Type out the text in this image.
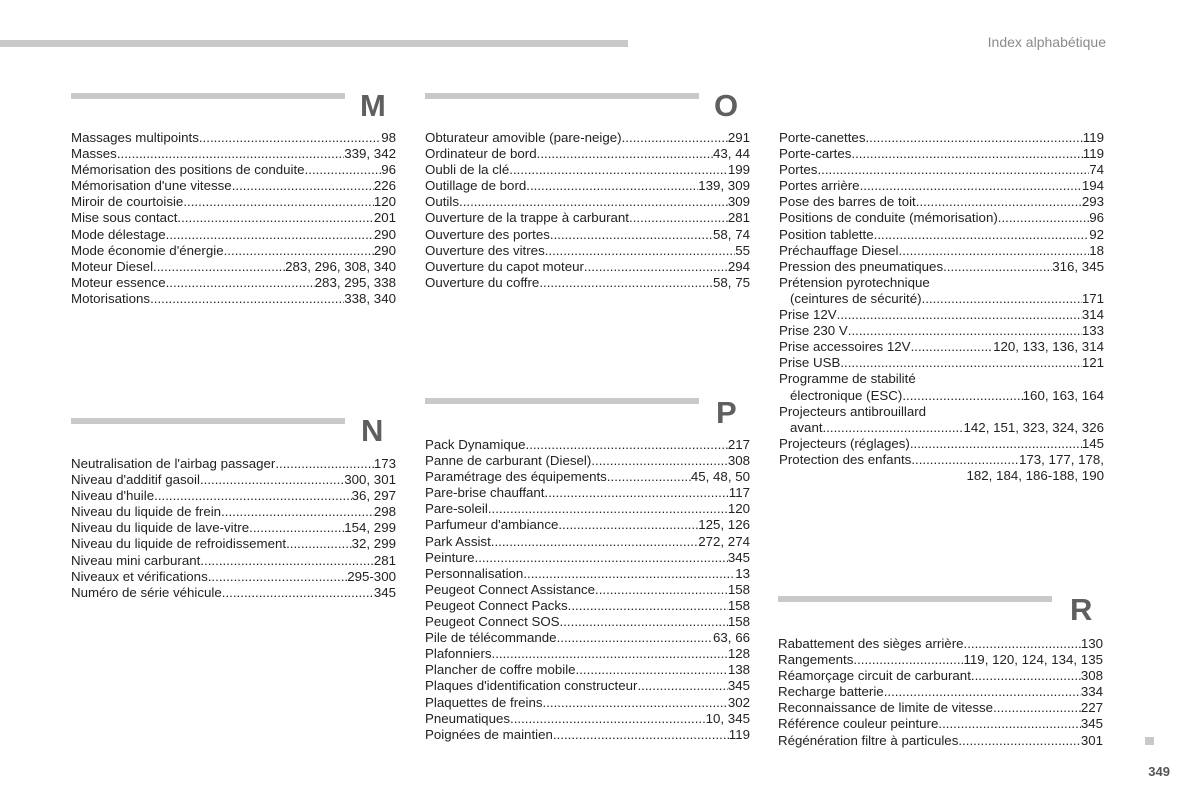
Index alphabétique
M
Massages multipoints .....	98
Masses .....	339, 342
Mémorisation des positions de conduite .....	96
Mémorisation d'une vitesse .....	226
Miroir de courtoisie .....	120
Mise sous contact .....	201
Mode délestage .....	290
Mode économie d'énergie .....	290
Moteur Diesel .....	283, 296, 308, 340
Moteur essence .....	283, 295, 338
Motorisations .....	338, 340
N
Neutralisation de l'airbag passager .....	173
Niveau d'additif gasoil .....	300, 301
Niveau d'huile .....	36, 297
Niveau du liquide de frein .....	298
Niveau du liquide de lave-vitre .....	154, 299
Niveau du liquide de refroidissement .....	32, 299
Niveau mini carburant .....	281
Niveaux et vérifications .....	295-300
Numéro de série véhicule .....	345
O
Obturateur amovible (pare-neige) .....	291
Ordinateur de bord .....	43, 44
Oubli de la clé .....	199
Outillage de bord .....	139, 309
Outils .....	309
Ouverture de la trappe à carburant .....	281
Ouverture des portes .....	58, 74
Ouverture des vitres .....	55
Ouverture du capot moteur .....	294
Ouverture du coffre .....	58, 75
P
Pack Dynamique .....	217
Panne de carburant (Diesel) .....	308
Paramétrage des équipements .....	45, 48, 50
Pare-brise chauffant .....	117
Pare-soleil .....	120
Parfumeur d'ambiance .....	125, 126
Park Assist .....	272, 274
Peinture .....	345
Personnalisation .....	13
Peugeot Connect Assistance .....	158
Peugeot Connect Packs .....	158
Peugeot Connect SOS .....	158
Pile de télécommande .....	63, 66
Plafonniers .....	128
Plancher de coffre mobile .....	138
Plaques d'identification constructeur .....	345
Plaquettes de freins .....	302
Pneumatiques .....	10, 345
Poignées de maintien .....	119
Porte-canettes .....	119
Porte-cartes .....	119
Portes .....	74
Portes arrière .....	194
Pose des barres de toit .....	293
Positions de conduite (mémorisation) .....	96
Position tablette .....	92
Préchauffage Diesel .....	18
Pression des pneumatiques .....	316, 345
Prétension pyrotechnique
(ceintures de sécurité) .....	171
Prise 12V .....	314
Prise 230 V .....	133
Prise accessoires 12V .....	120, 133, 136, 314
Prise USB .....	121
Programme de stabilité
électronique (ESC) .....	160, 163, 164
Projecteurs antibrouillard
avant .....	142, 151, 323, 324, 326
Projecteurs (réglages) .....	145
Protection des enfants .....	173, 177, 178,
182, 184, 186-188, 190
R
Rabattement des sièges arrière .....	130
Rangements .....	119, 120, 124, 134, 135
Réamorçage circuit de carburant .....	308
Recharge batterie .....	334
Reconnaissance de limite de vitesse .....	227
Référence couleur peinture .....	345
Régénération filtre à particules .....	301
349
